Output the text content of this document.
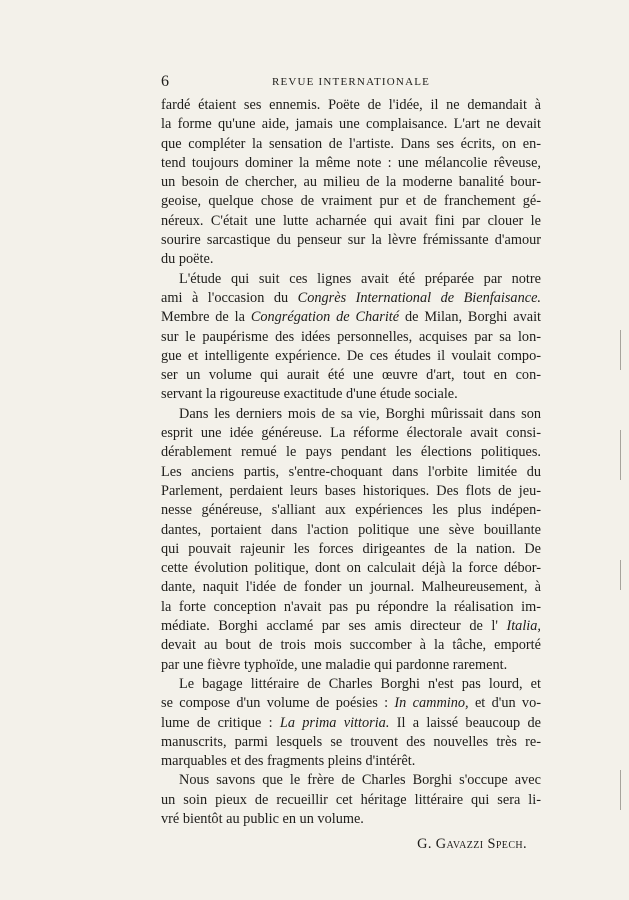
6	REVUE INTERNATIONALE

fardé étaient ses ennemis. Poëte de l'idée, il ne demandait à
la forme qu'une aide, jamais une complaisance. L'art ne devait
que compléter la sensation de l'artiste. Dans ses écrits, on en-
tend toujours dominer la même note : une mélancolie rêveuse,
un besoin de chercher, au milieu de la moderne banalité bour-
geoise, quelque chose de vraiment pur et de franchement gé-
néreux. C'était une lutte acharnée qui avait fini par clouer le
sourire sarcastique du penseur sur la lèvre frémissante d'amour
du poëte.

L'étude qui suit ces lignes avait été préparée par notre
ami à l'occasion du Congrès International de Bienfaisance.
Membre de la Congrégation de Charité de Milan, Borghi avait
sur le paupérisme des idées personnelles, acquises par sa lon-
gue et intelligente expérience. De ces études il voulait compo-
ser un volume qui aurait été une œuvre d'art, tout en con-
servant la rigoureuse exactitude d'une étude sociale.

Dans les derniers mois de sa vie, Borghi mûrissait dans son
esprit une idée généreuse. La réforme électorale avait consi-
dérablement remué le pays pendant les élections politiques.
Les anciens partis, s'entre-choquant dans l'orbite limitée du
Parlement, perdaient leurs bases historiques. Des flots de jeu-
nesse généreuse, s'alliant aux expériences les plus indépen-
dantes, portaient dans l'action politique une sève bouillante
qui pouvait rajeunir les forces dirigeantes de la nation. De
cette évolution politique, dont on calculait déjà la force débor-
dante, naquit l'idée de fonder un journal. Malheureusement, à
la forte conception n'avait pas pu répondre la réalisation im-
médiate. Borghi acclamé par ses amis directeur de l' Italia,
devait au bout de trois mois succomber à la tâche, emporté
par une fièvre typhoïde, une maladie qui pardonne rarement.

Le bagage littéraire de Charles Borghi n'est pas lourd, et
se compose d'un volume de poésies : In cammino, et d'un vo-
lume de critique : La prima vittoria. Il a laissé beaucoup de
manuscrits, parmi lesquels se trouvent des nouvelles très re-
marquables et des fragments pleins d'intérêt.

Nous savons que le frère de Charles Borghi s'occupe avec
un soin pieux de recueillir cet héritage littéraire qui sera li-
vré bientôt au public en un volume.

G. Gavazzi Spech.
